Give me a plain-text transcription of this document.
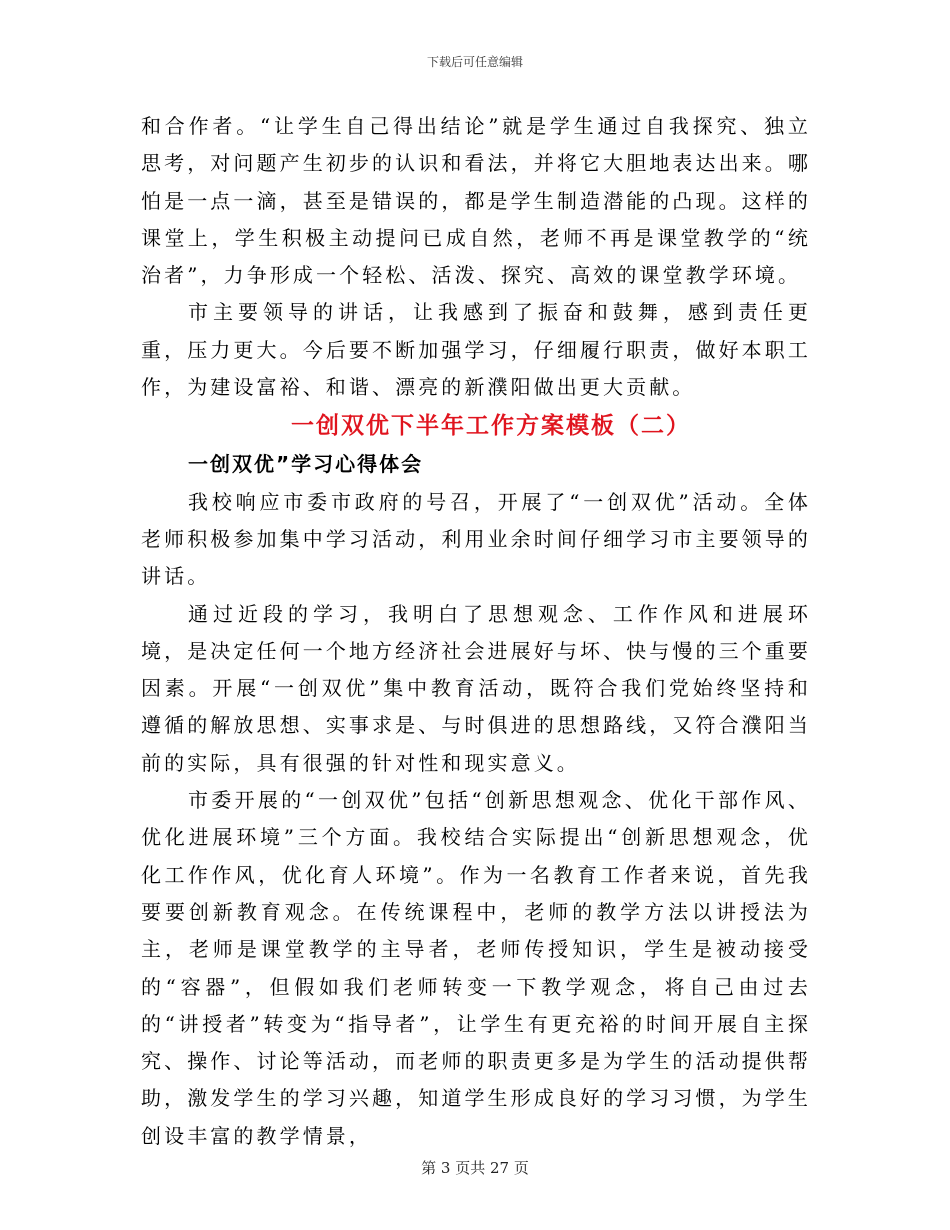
下载后可任意编辑

和合作者。“让学生自己得出结论”就是学生通过自我探究、独立思考，对问题产生初步的认识和看法，并将它大胆地表达出来。哪怕是一点一滴，甚至是错误的，都是学生制造潜能的凸现。这样的课堂上，学生积极主动提问已成自然，老师不再是课堂教学的“统治者”，力争形成一个轻松、活泼、探究、高效的课堂教学环境。

市主要领导的讲话，让我感到了振奋和鼓舞，感到责任更重，压力更大。今后要不断加强学习，仔细履行职责，做好本职工作，为建设富裕、和谐、漂亮的新濮阳做出更大贡献。

一创双优下半年工作方案模板（二）
一创双优”学习心得体会

我校响应市委市政府的号召，开展了“一创双优”活动。全体老师积极参加集中学习活动，利用业余时间仔细学习市主要领导的讲话。

通过近段的学习，我明白了思想观念、工作作风和进展环境，是决定任何一个地方经济社会进展好与坏、快与慢的三个重要因素。开展“一创双优”集中教育活动，既符合我们党始终坚持和遵循的解放思想、实事求是、与时俱进的思想路线，又符合濮阳当前的实际，具有很强的针对性和现实意义。

市委开展的“一创双优”包括“创新思想观念、优化干部作风、优化进展环境”三个方面。我校结合实际提出“创新思想观念，优化工作作风，优化育人环境”。作为一名教育工作者来说，首先我要要创新教育观念。在传统课程中，老师的教学方法以讲授法为主，老师是课堂教学的主导者，老师传授知识，学生是被动接受的“容器”，但假如我们老师转变一下教学观念，将自己由过去的“讲授者”转变为“指导者”，让学生有更充裕的时间开展自主探究、操作、讨论等活动，而老师的职责更多是为学生的活动提供帮助，激发学生的学习兴趣，知道学生形成良好的学习习惯，为学生创设丰富的教学情景，

第 3 页共 27 页
